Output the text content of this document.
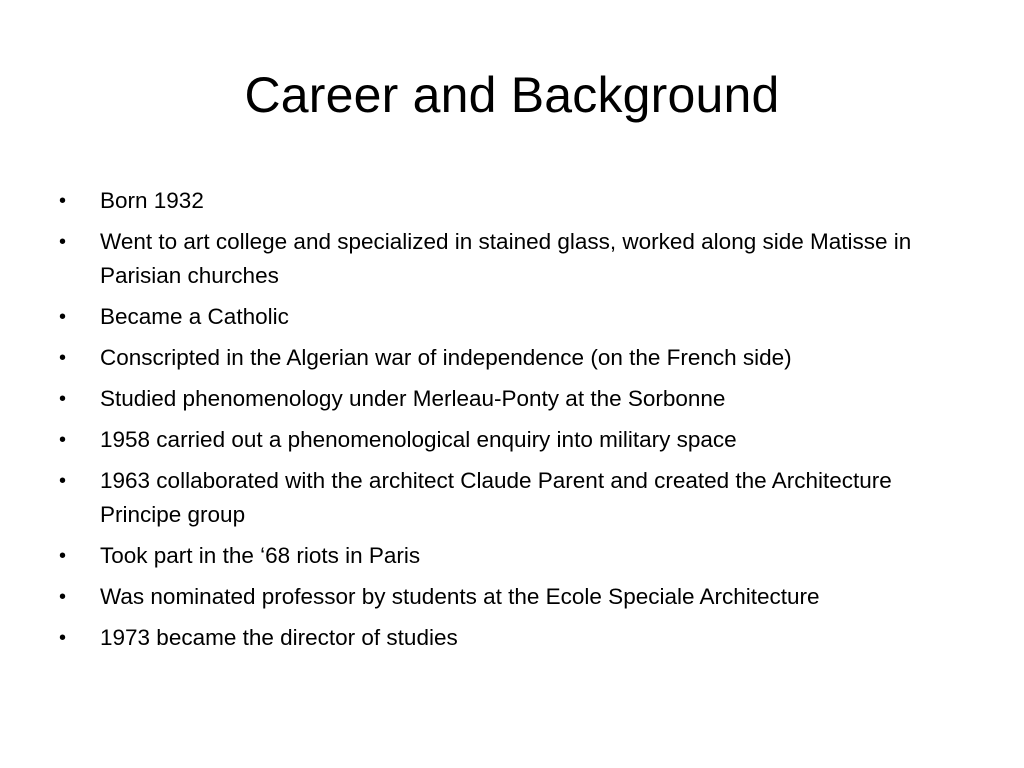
Career and Background
•	Born 1932
•	Went to art college and specialized in stained glass, worked along side Matisse in Parisian churches
•	Became a Catholic
•	Conscripted in the Algerian war of independence (on the French side)
•	Studied phenomenology under Merleau-Ponty at the Sorbonne
•	1958 carried out a phenomenological enquiry into military space
•	1963 collaborated with the architect Claude Parent and created the Architecture Principe group
•	Took part in the ‘68 riots in Paris
•	Was nominated professor by students at the Ecole Speciale Architecture
•	1973 became the director of studies
